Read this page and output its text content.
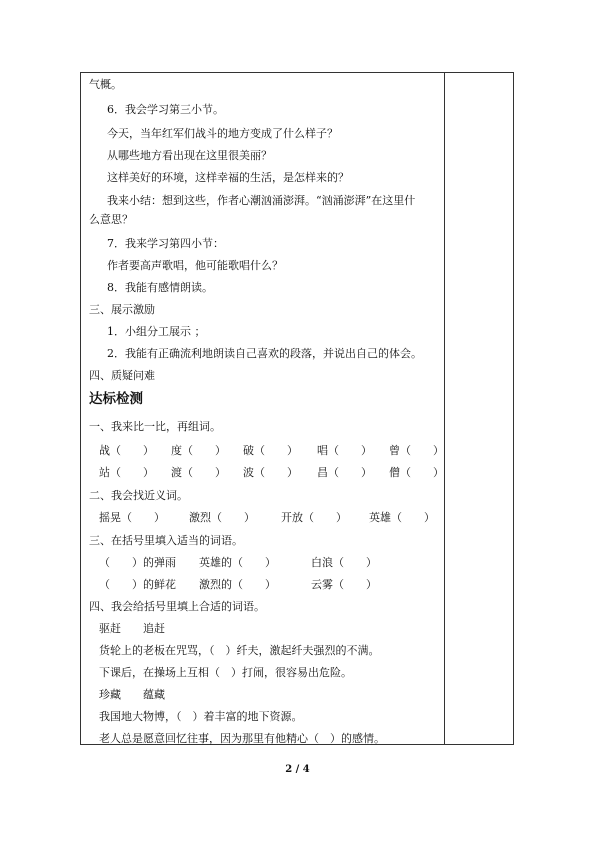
气概。
6．我会学习第三小节。
今天，当年红军们战斗的地方变成了什么样子？
从哪些地方看出现在这里很美丽？
这样美好的环境，这样幸福的生活，是怎样来的？
我来小结：想到这些，作者心潮汹涌澎湃。“汹涌澎湃”在这里什
么意思？
7．我来学习第四小节：
作者要高声歌唱，他可能歌唱什么？
8．我能有感情朗读。
三、展示激励
1．小组分工展示 ；
2．我能有正确流利地朗读自己喜欢的段落，并说出自己的体会。
四、质疑问难
达标检测
一、我来比一比，再组词。
战（　　） 度（　　） 破（　　） 唱（　　） 曾（　　）
站（　　） 渡（　　） 波（　　） 昌（　　） 僧（　　）
二、我会找近义词。
摇晃（　　） 激烈（　　） 开放（　　） 英雄（　　）
三、在括号里填入适当的词语。
（　　）的弹雨 英雄的（　　）	白浪（　　）
（　　）的鲜花 激烈的（　　）	云雾（　　）
四、我会给括号里填上合适的词语。
驱赶　　追赶
货轮上的老板在咒骂，（　）纤夫，激起纤夫强烈的不满。
下课后，在操场上互相（　）打闹，很容易出危险。
珍藏　　蕴藏
我国地大物博，（　）着丰富的地下资源。
老人总是愿意回忆往事，因为那里有他精心（　）的感情。
2 / 4
